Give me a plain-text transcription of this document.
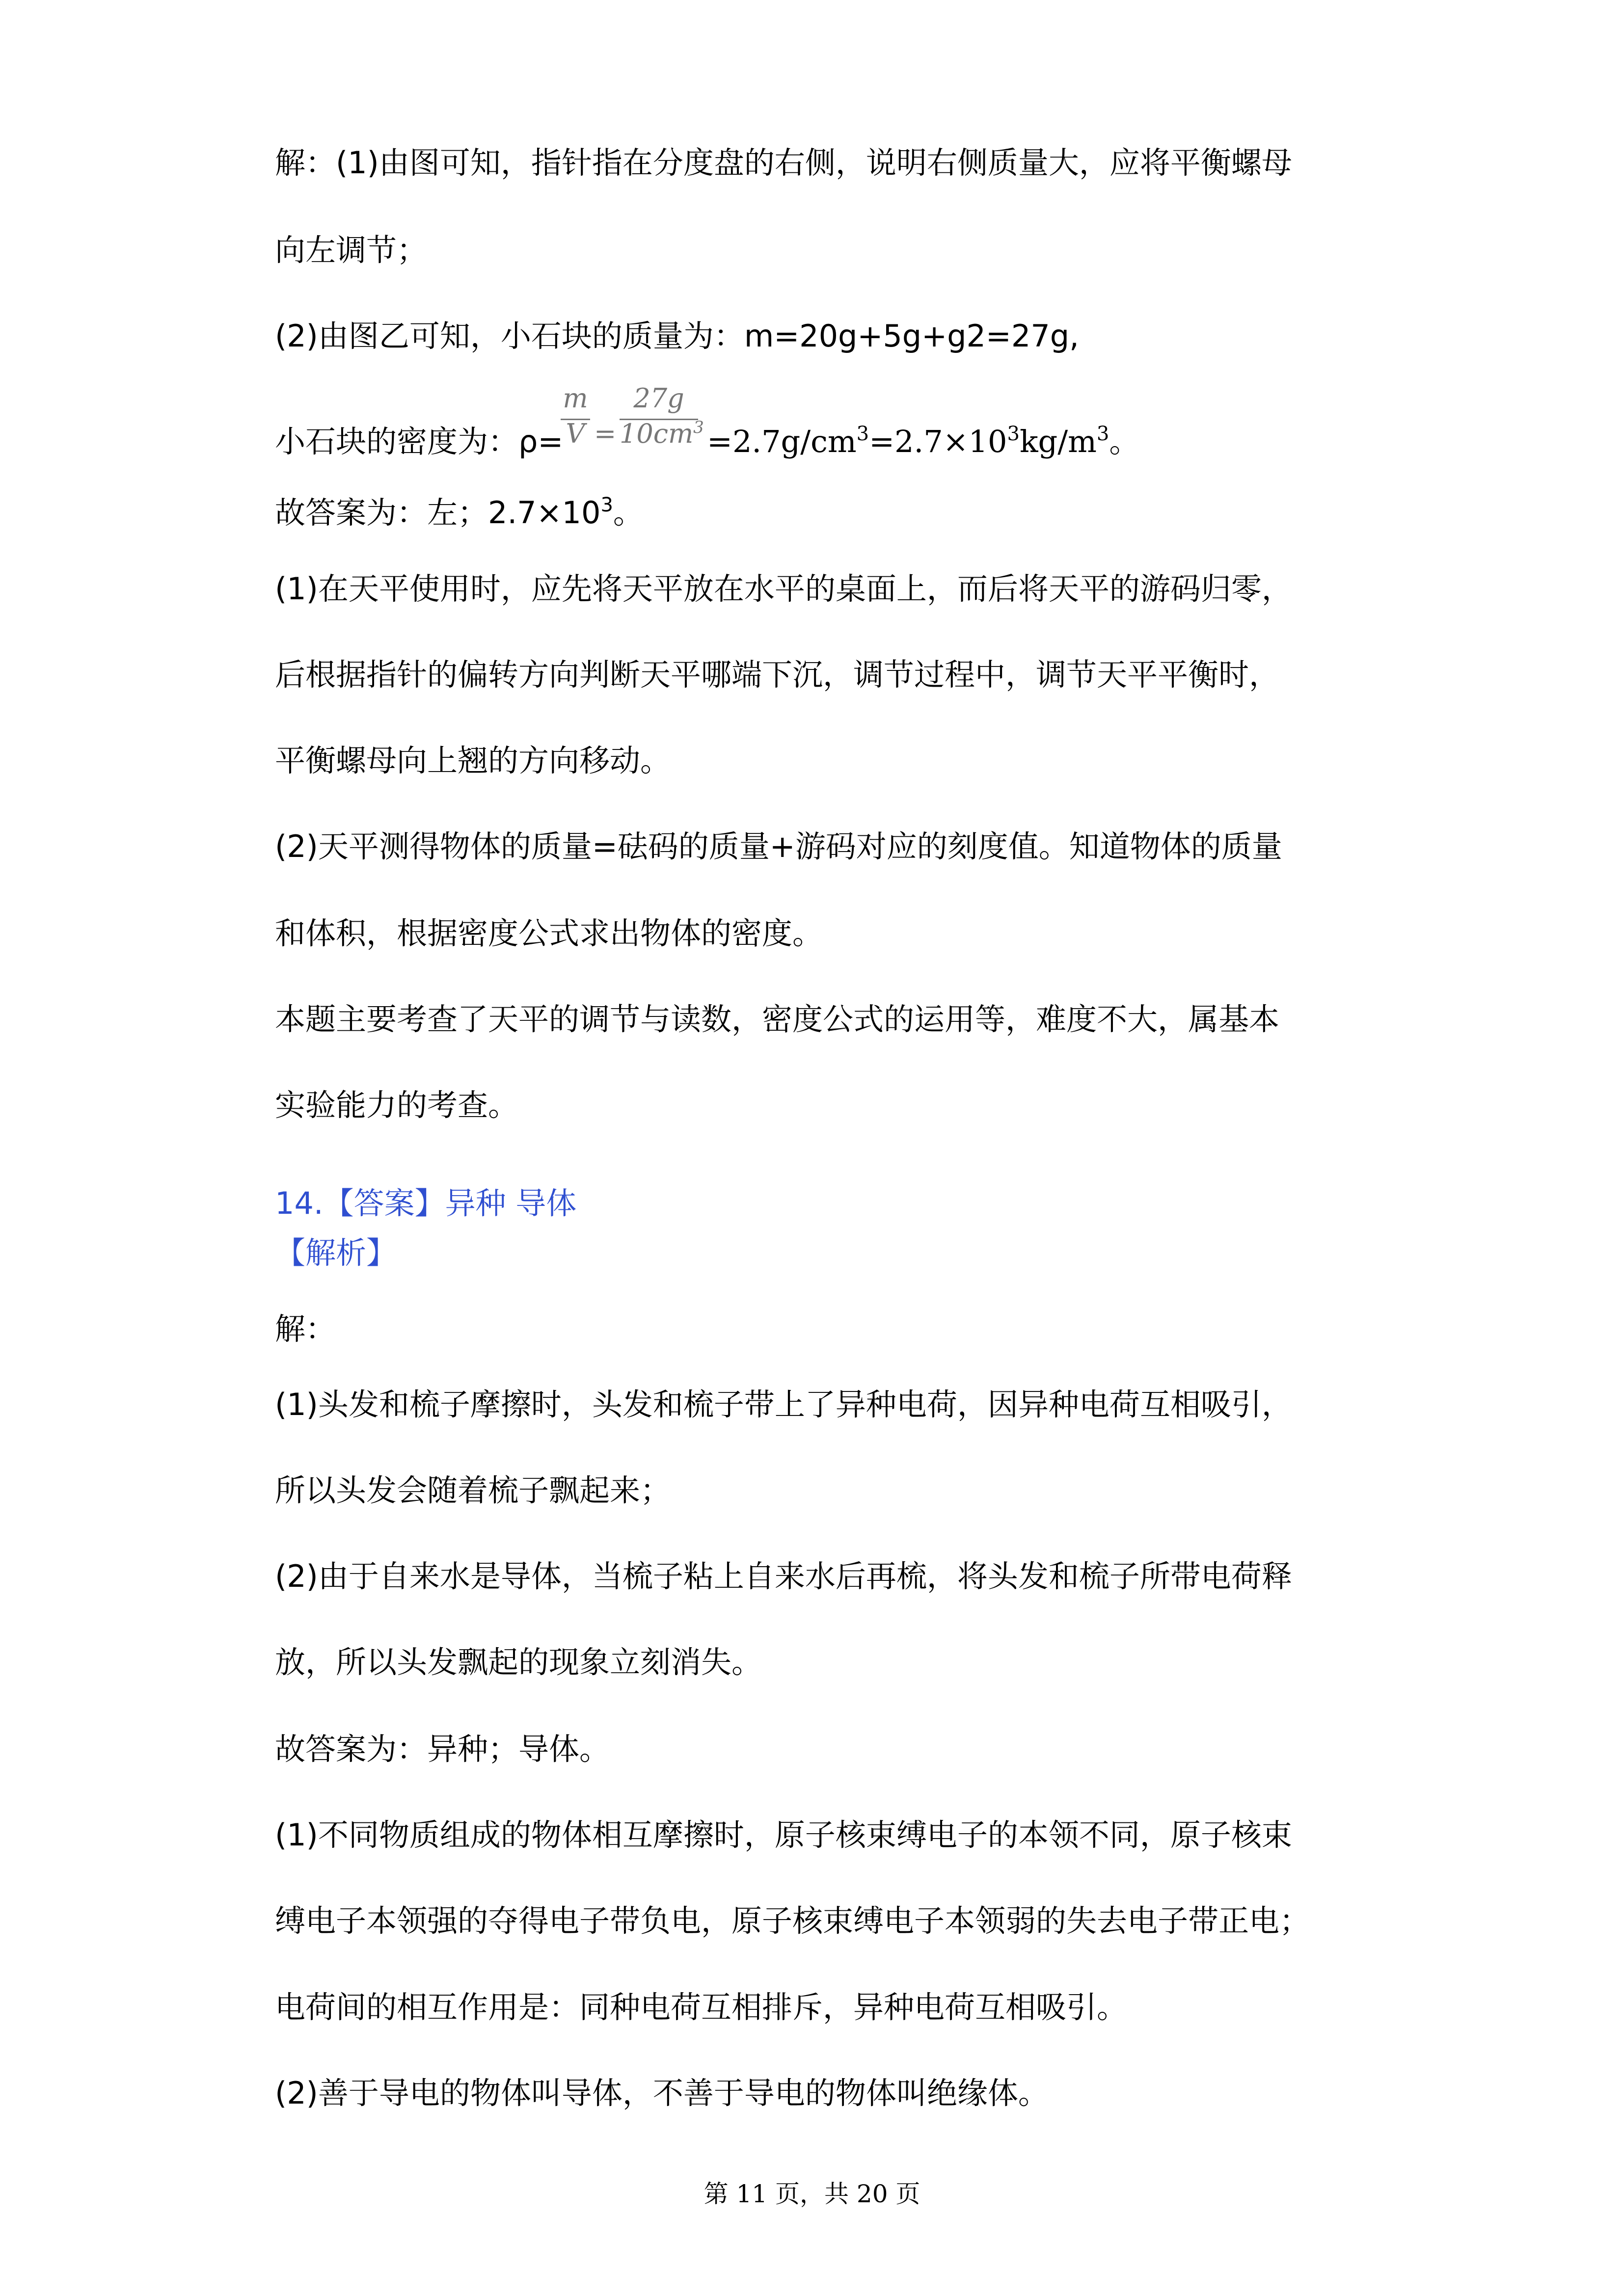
解：(1)由图可知，指针指在分度盘的右侧，说明右侧质量大，应将平衡螺母
向左调节；
(2)由图乙可知，小石块的质量为：m=20g+5g+g2=27g,
小石块的密度为：ρ=
m
V =
27g
$10cm^3 =2.7g/cm^3=2.7\times 10^3kg/m^3$。
故答案为：左；$2.7\times 10^3$。
(1)在天平使用时，应先将天平放在水平的桌面上，而后将天平的游码归零，
后根据指针的偏转方向判断天平哪端下沉，调节过程中，调节天平平衡时，
平衡螺母向上翘的方向移动。
(2)天平测得物体的质量=砝码的质量+游码对应的刻度值。知道物体的质量
和体积，根据密度公式求出物体的密度。
本题主要考查了天平的调节与读数，密度公式的运用等，难度不大，属基本
实验能力的考查。
14.【答案】异种 导体
【解析】
解：
(1)头发和梳子摩擦时，头发和梳子带上了异种电荷，因异种电荷互相吸引，
所以头发会随着梳子飘起来；
(2)由于自来水是导体，当梳子粘上自来水后再梳，将头发和梳子所带电荷释
放，所以头发飘起的现象立刻消失。
故答案为：异种；导体。
(1)不同物质组成的物体相互摩擦时，原子核束缚电子的本领不同，原子核束
缚电子本领强的夺得电子带负电，原子核束缚电子本领弱的失去电子带正电；
电荷间的相互作用是：同种电荷互相排斥，异种电荷互相吸引。
(2)善于导电的物体叫导体，不善于导电的物体叫绝缘体。
第 11 页，共 20 页
